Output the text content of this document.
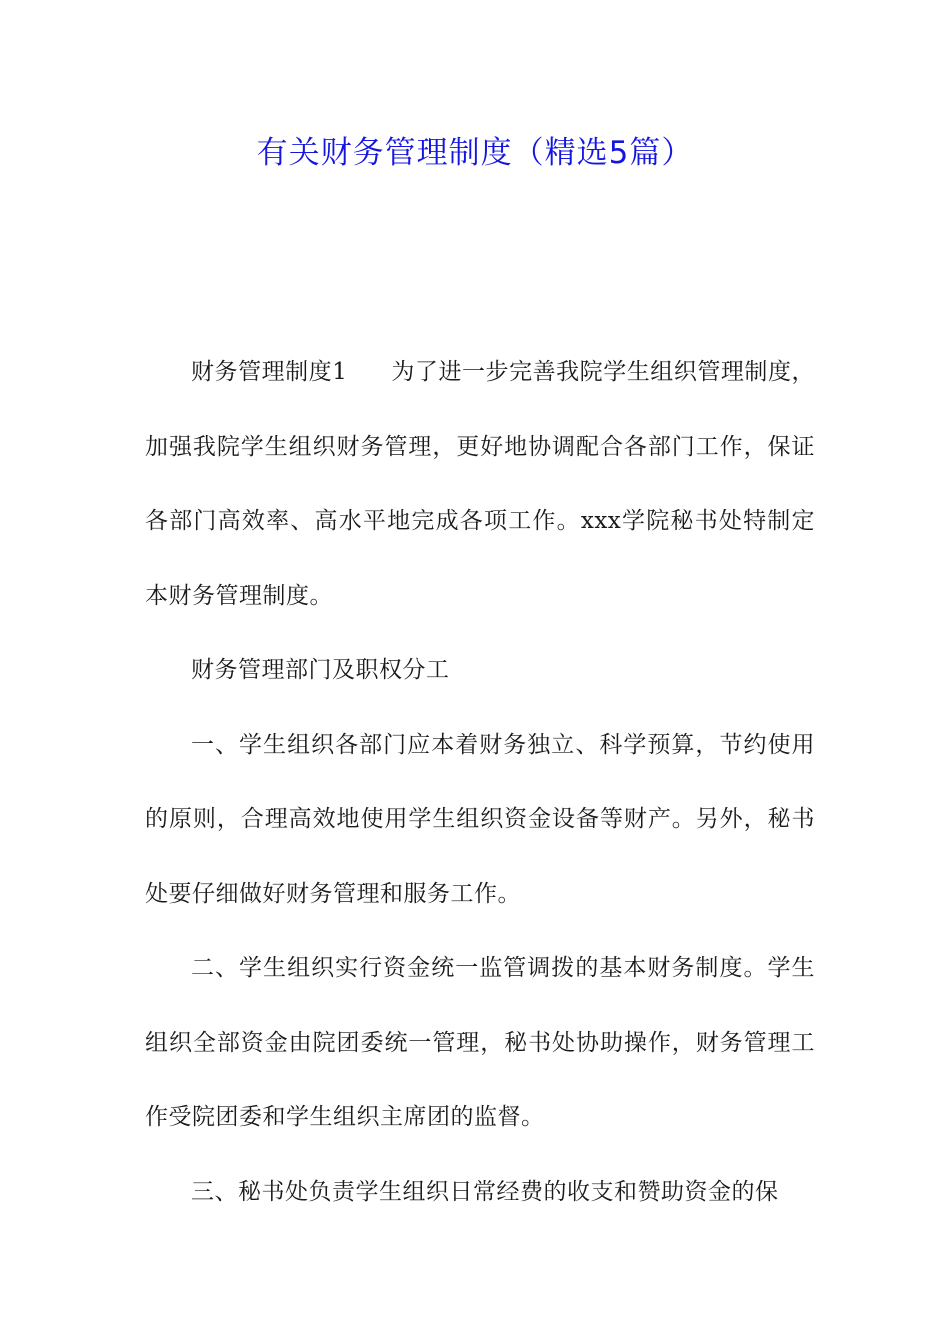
有关财务管理制度（精选5篇）

财务管理制度1 为了进一步完善我院学生组织管理制度，加强我院学生组织财务管理，更好地协调配合各部门工作，保证各部门高效率、高水平地完成各项工作。xxx学院秘书处特制定本财务管理制度。

财务管理部门及职权分工

一、学生组织各部门应本着财务独立、科学预算，节约使用的原则，合理高效地使用学生组织资金设备等财产。另外，秘书处要仔细做好财务管理和服务工作。

二、学生组织实行资金统一监管调拨的基本财务制度。学生组织全部资金由院团委统一管理，秘书处协助操作，财务管理工作受院团委和学生组织主席团的监督。

三、秘书处负责学生组织日常经费的收支和赞助资金的保
